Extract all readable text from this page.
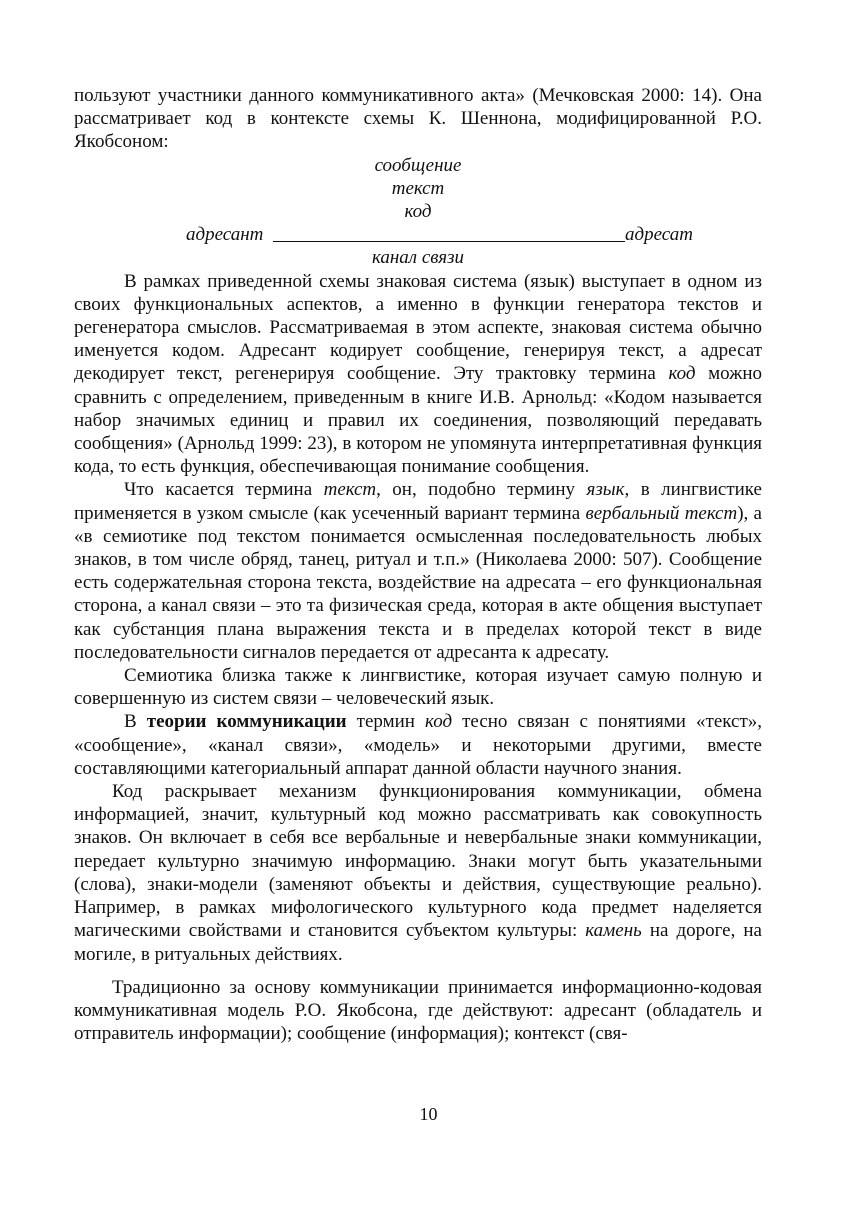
пользуют участники данного коммуникативного акта» (Мечковская 2000: 14). Она рассматривает код в контексте схемы К. Шеннона, модифицированной Р.О. Якобсоном:

сообщение

текст

код

адресант	адресат

канал связи

В рамках приведенной схемы знаковая система (язык) выступает в одном из своих функциональных аспектов, а именно в функции генератора текстов и регенератора смыслов. Рассматриваемая в этом аспекте, знаковая система обычно именуется кодом. Адресант кодирует сообщение, генерируя текст, а адресат декодирует текст, регенерируя сообщение. Эту трактовку термина код можно сравнить с определением, приведенным в книге И.В. Арнольд: «Кодом называется набор значимых единиц и правил их соединения, позволяющий передавать сообщения» (Арнольд 1999: 23), в котором не упомянута интерпретативная функция кода, то есть функция, обеспечивающая понимание сообщения.

Что касается термина текст, он, подобно термину язык, в лингвистике применяется в узком смысле (как усеченный вариант термина вербальный текст), а «в семиотике под текстом понимается осмысленная последовательность любых знаков, в том числе обряд, танец, ритуал и т.п.» (Николаева 2000: 507). Сообщение есть содержательная сторона текста, воздействие на адресата – его функциональная сторона, а канал связи – это та физическая среда, которая в акте общения выступает как субстанция плана выражения текста и в пределах которой текст в виде последовательности сигналов передается от адресанта к адресату.

Семиотика близка также к лингвистике, которая изучает самую полную и совершенную из систем связи – человеческий язык.

В теории коммуникации термин код тесно связан с понятиями «текст», «сообщение», «канал связи», «модель» и некоторыми другими, вместе составляющими категориальный аппарат данной области научного знания.

Код раскрывает механизм функционирования коммуникации, обмена информацией, значит, культурный код можно рассматривать как совокупность знаков. Он включает в себя все вербальные и невербальные знаки коммуникации, передает культурно значимую информацию. Знаки могут быть указательными (слова), знаки-модели (заменяют объекты и действия, существующие реально). Например, в рамках мифологического культурного кода предмет наделяется магическими свойствами и становится субъектом культуры: камень на дороге, на могиле, в ритуальных действиях.

Традиционно за основу коммуникации принимается информационно-кодовая коммуникативная модель Р.О. Якобсона, где действуют: адресант (обладатель и отправитель информации); сообщение (информация); контекст (свя-

10
